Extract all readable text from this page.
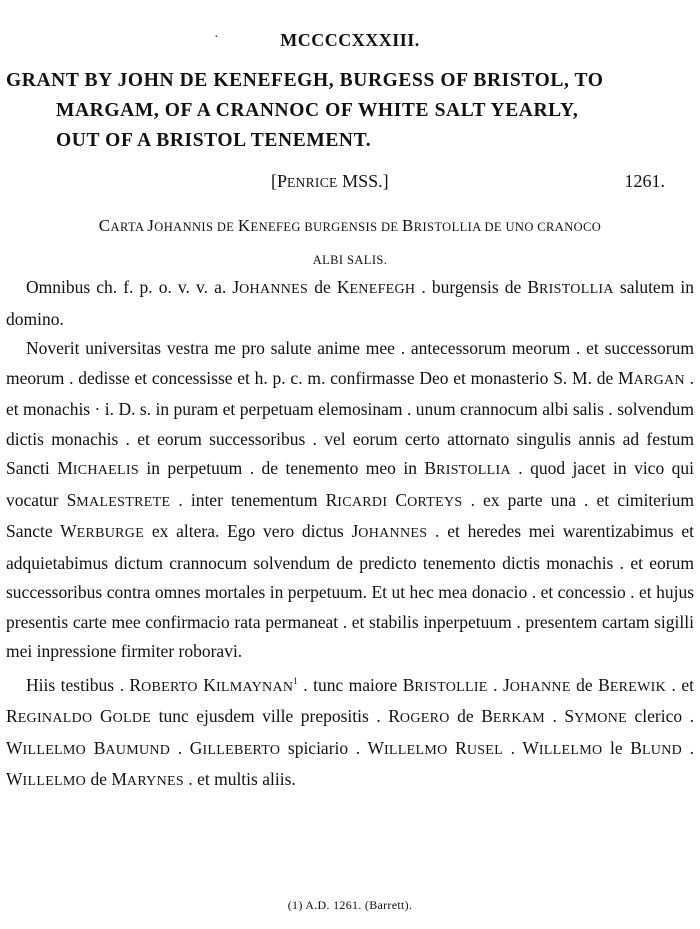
MCCCCXXXIII.
·
GRANT BY JOHN DE KENEFEGH, BURGESS OF BRISTOL, TO
MARGAM, OF A CRANNOC OF WHITE SALT YEARLY,
OUT OF A BRISTOL TENEMENT.
[PENRICE MSS.]	1261.
CARTA JOHANNIS DE KENEFEG BURGENSIS DE BRISTOLLIA DE UNO CRANOCO
ALBI SALIS.

Omnibus ch. f. p. o. v. v. a. JOHANNES de KENEFEGH . burgensis de BRISTOLLIA salutem in domino.

Noverit universitas vestra me pro salute anime mee . antecessorum meorum . et successorum meorum . dedisse et concessisse et h. p. c. m. confirmasse Deo et monasterio S. M. de MARGAN . et monachis · i. D. s. in puram et perpetuam elemosinam . unum crannocum albi salis . solvendum dictis monachis . et eorum successoribus . vel eorum certo attornato singulis annis ad festum Sancti MICHAELIS in perpetuum . de tenemento meo in BRISTOLLIA . quod jacet in vico qui vocatur SMALESTRETE . inter tenementum RICARDI CORTEYS . ex parte una . et cimiterium Sancte WERBURGE ex altera. Ego vero dictus JOHANNES . et heredes mei warentizabimus et adquietabimus dictum crannocum solvendum de predicto tenemento dictis monachis . et eorum successoribus contra omnes mortales in perpetuum. Et ut hec mea donacio . et concessio . et hujus presentis carte mee confirmacio rata permaneat . et stabilis inperpetuum . presentem cartam sigilli mei inpressione firmiter roboravi.

Hiis testibus . ROBERTO KILMAYNAN$^1$ . tunc maiore BRISTOLLIE . JOHANNE de BEREWIK . et REGINALDO GOLDE tunc ejusdem ville prepositis . ROGERO de BERKAM . SYMONE clerico . WILLELMO BAUMUND . GILLEBERTO spiciario . WILLELMO RUSEL . WILLELMO le BLUND . WILLELMO de MARYNES . et multis aliis.

(1) A.D. 1261. (Barrett).
